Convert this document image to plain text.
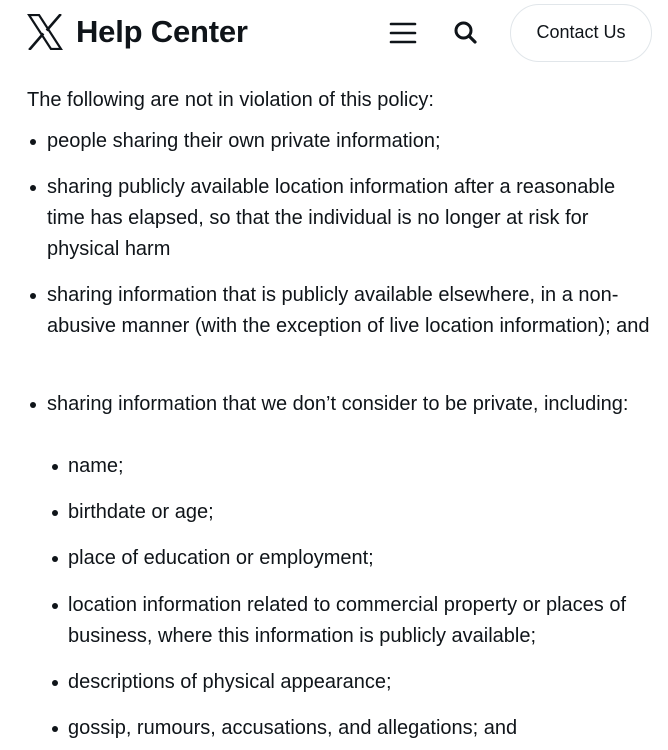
Help Center	Contact Us
The following are not in violation of this policy:
people sharing their own private information;
sharing publicly available location information after a reasonable time has elapsed, so that the individual is no longer at risk for physical harm
sharing information that is publicly available elsewhere, in a non-abusive manner (with the exception of live location information); and
sharing information that we don’t consider to be private, including:
name;
birthdate or age;
place of education or employment;
location information related to commercial property or places of business, where this information is publicly available;
descriptions of physical appearance;
gossip, rumours, accusations, and allegations; and
